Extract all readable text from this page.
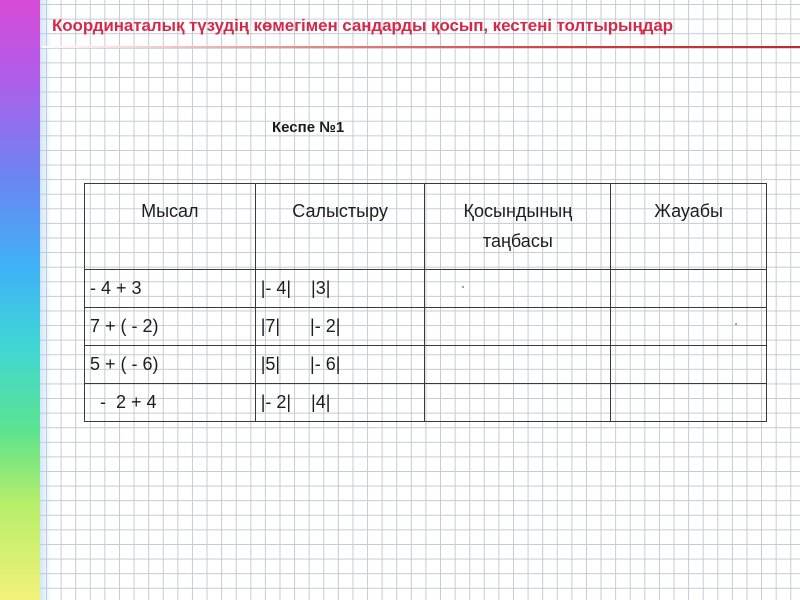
Координаталық түзудің көмегімен сандарды қосып, кестені толтырыңдар
Кеспе №1
Мысал	Салыстыру	Қосындының таңбасы	Жауабы
- 4 + 3	|- 4|    |3|		
7 + ( - 2)	|7|      |- 2|		
5 + ( - 6)	|5|      |- 6|		
-  2 + 4	|- 2|    |4|		
